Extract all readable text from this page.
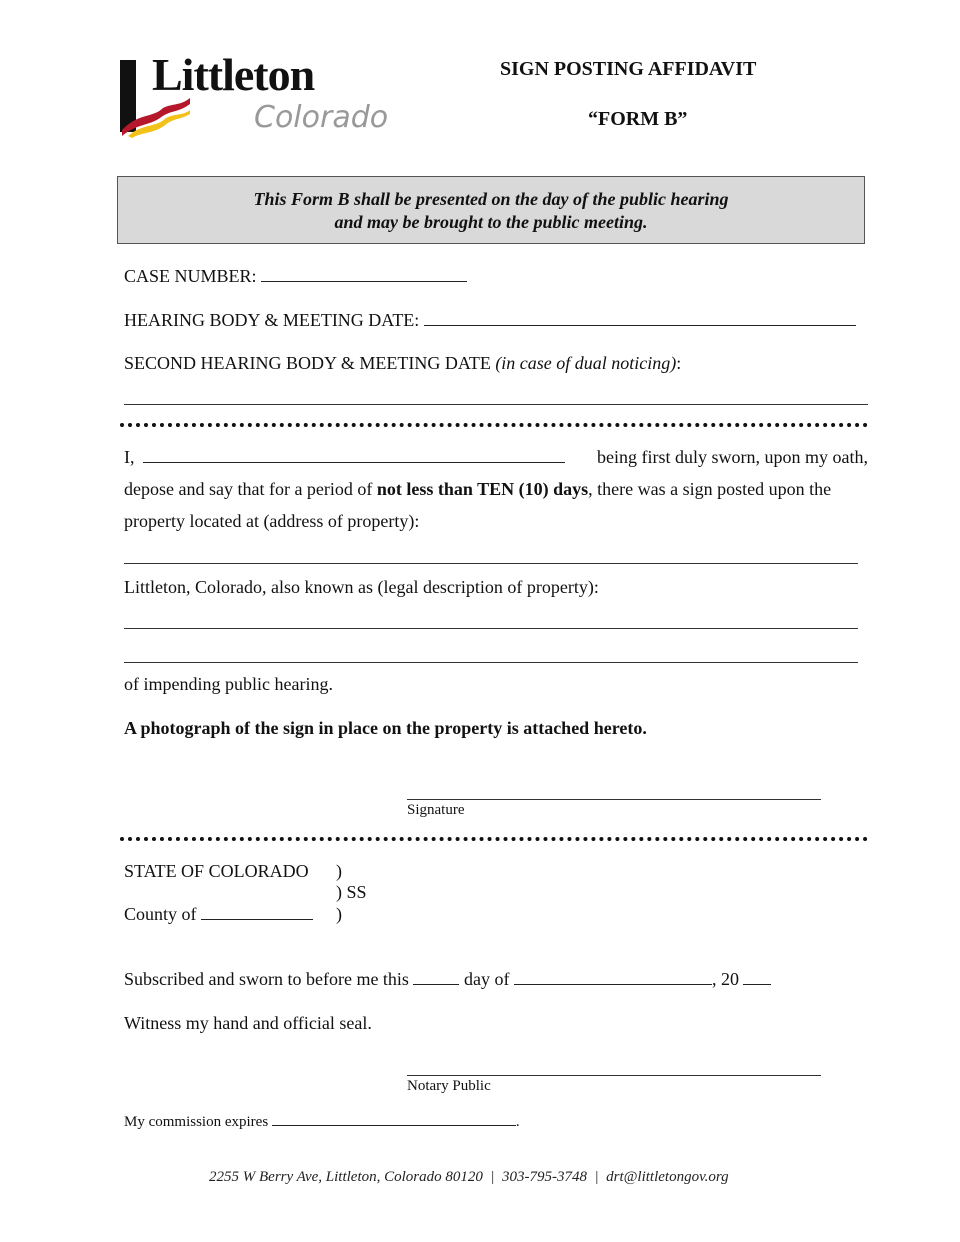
Littleton
Colorado
SIGN POSTING AFFIDAVIT
“FORM B”
This Form B shall be presented on the day of the public hearing
and may be brought to the public meeting.
CASE NUMBER:
HEARING BODY & MEETING DATE:
SECOND HEARING BODY & MEETING DATE (in case of dual noticing):
I,	being first duly sworn, upon my oath,
depose and say that for a period of not less than TEN (10) days, there was a sign posted upon the
property located at (address of property):
Littleton, Colorado, also known as (legal description of property):
of impending public hearing.
A photograph of the sign in place on the property is attached hereto.
Signature
STATE OF COLORADO )
) SS
County of	)
Subscribed and sworn to before me this	day of	, 20
Witness my hand and official seal.
Notary Public
My commission expires	.
2255 W Berry Ave, Littleton, Colorado 80120 | 303-795-3748 | drt@littletongov.org
